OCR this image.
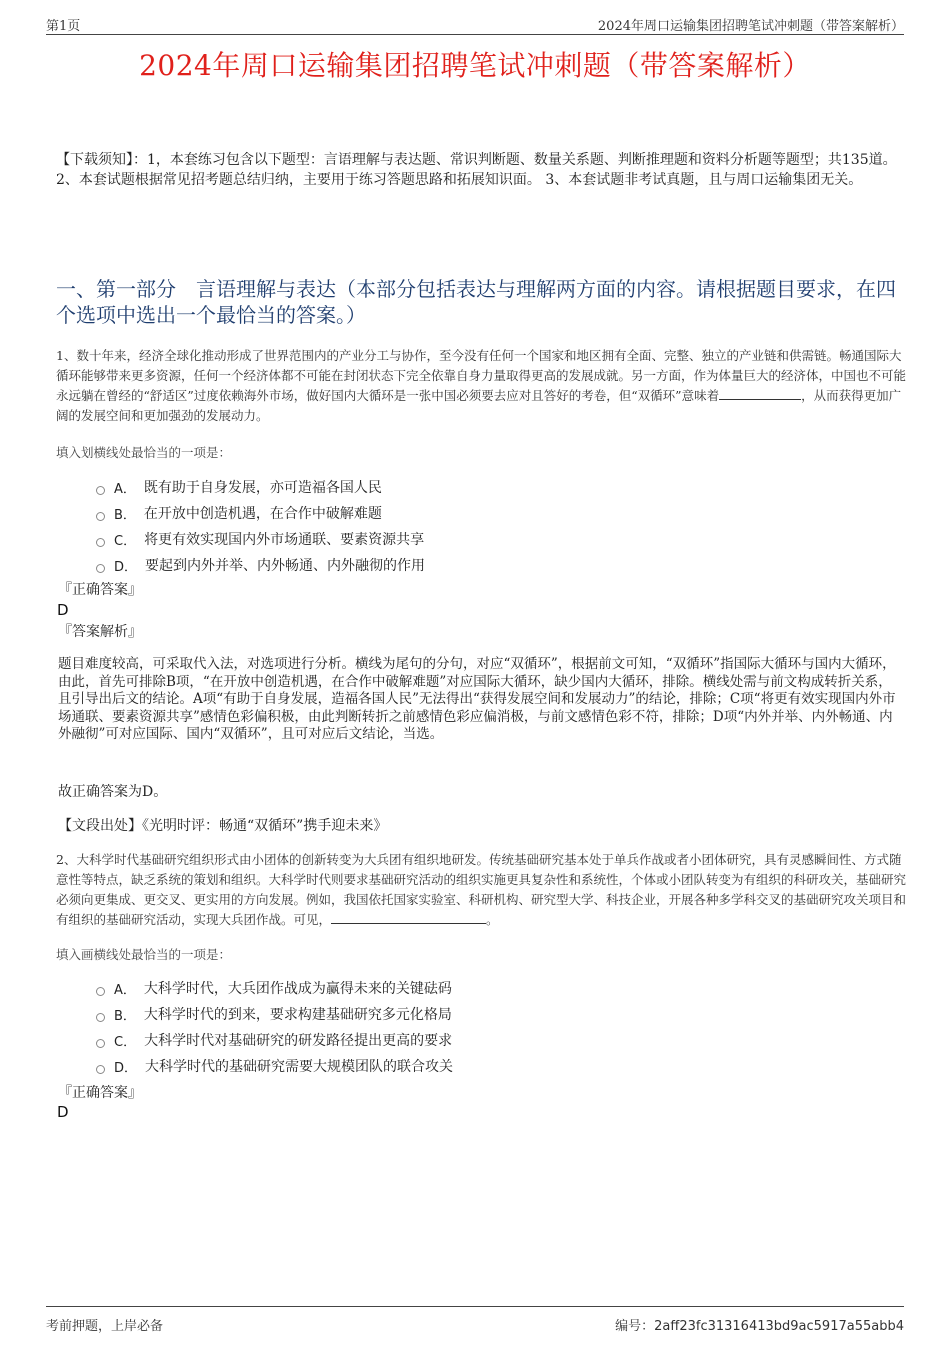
第1页	2024年周口运输集团招聘笔试冲刺题（带答案解析）
2024年周口运输集团招聘笔试冲刺题（带答案解析）
【下载须知】：1，本套练习包含以下题型：言语理解与表达题、常识判断题、数量关系题、判断推理题和资料分析题等题型；共135道。 2、本套试题根据常见招考题总结归纳，主要用于练习答题思路和拓展知识面。 3、本套试题非考试真题，且与周口运输集团无关。
一、第一部分　言语理解与表达（本部分包括表达与理解两方面的内容。请根据题目要求，在四个选项中选出一个最恰当的答案。）
1、数十年来，经济全球化推动形成了世界范围内的产业分工与协作，至今没有任何一个国家和地区拥有全面、完整、独立的产业链和供需链。畅通国际大循环能够带来更多资源，任何一个经济体都不可能在封闭状态下完全依靠自身力量取得更高的发展成就。另一方面，作为体量巨大的经济体，中国也不可能永远躺在曾经的“舒适区”过度依赖海外市场，做好国内大循环是一张中国必须要去应对且答好的考卷，但“双循环”意味着	，从而获得更加广阔的发展空间和更加强劲的发展动力。
填入划横线处最恰当的一项是：
A． 既有助于自身发展，亦可造福各国人民
B． 在开放中创造机遇，在合作中破解难题
C． 将更有效实现国内外市场通联、要素资源共享
D． 要起到内外并举、内外畅通、内外融彻的作用
『正确答案』
D
『答案解析』
题目难度较高，可采取代入法，对选项进行分析。横线为尾句的分句，对应“双循环”，根据前文可知，“双循环”指国际大循环与国内大循环，由此，首先可排除B项，“在开放中创造机遇，在合作中破解难题”对应国际大循环，缺少国内大循环，排除。横线处需与前文构成转折关系，且引导出后文的结论。A项“有助于自身发展，造福各国人民”无法得出“获得发展空间和发展动力”的结论，排除；C项“将更有效实现国内外市场通联、要素资源共享”感情色彩偏积极，由此判断转折之前感情色彩应偏消极，与前文感情色彩不符，排除；D项“内外并举、内外畅通、内外融彻”可对应国际、国内“双循环”，且可对应后文结论，当选。
故正确答案为D。
【文段出处】《光明时评：畅通“双循环”携手迎未来》
2、大科学时代基础研究组织形式由小团体的创新转变为大兵团有组织地研发。传统基础研究基本处于单兵作战或者小团体研究，具有灵感瞬间性、方式随意性等特点，缺乏系统的策划和组织。大科学时代则要求基础研究活动的组织实施更具复杂性和系统性，个体或小团队转变为有组织的科研攻关，基础研究必须向更集成、更交叉、更实用的方向发展。例如，我国依托国家实验室、科研机构、研究型大学、科技企业，开展各种多学科交叉的基础研究攻关项目和有组织的基础研究活动，实现大兵团作战。可见，	。
填入画横线处最恰当的一项是：
A． 大科学时代，大兵团作战成为赢得未来的关键砝码
B． 大科学时代的到来，要求构建基础研究多元化格局
C． 大科学时代对基础研究的研发路径提出更高的要求
D． 大科学时代的基础研究需要大规模团队的联合攻关
『正确答案』
D
考前押题，上岸必备	编号：2aff23fc31316413bd9ac5917a55abb4
